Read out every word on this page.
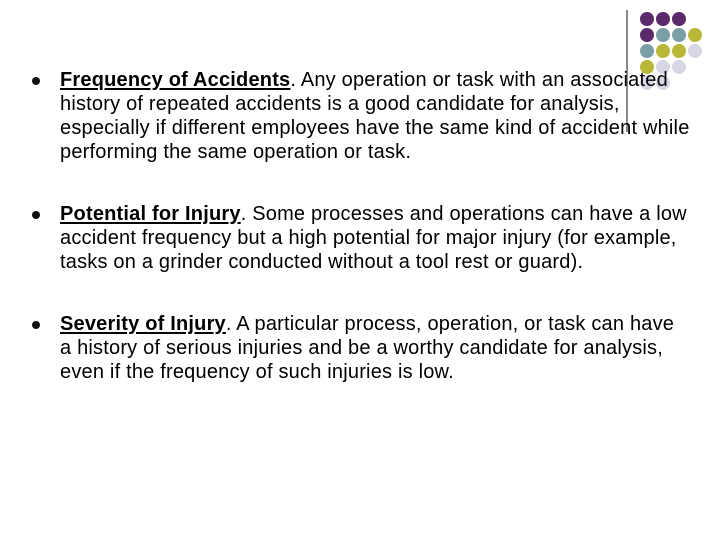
Frequency of Accidents. Any operation or task with an associated history of repeated accidents is a good candidate for analysis, especially if different employees have the same kind of accident while performing the same operation or task.
Potential for Injury. Some processes and operations can have a low accident frequency but a high potential for major injury (for example, tasks on a grinder conducted without a tool rest or guard).
Severity of Injury. A particular process, operation, or task can have a history of serious injuries and be a worthy candidate for analysis, even if the frequency of such injuries is low.
